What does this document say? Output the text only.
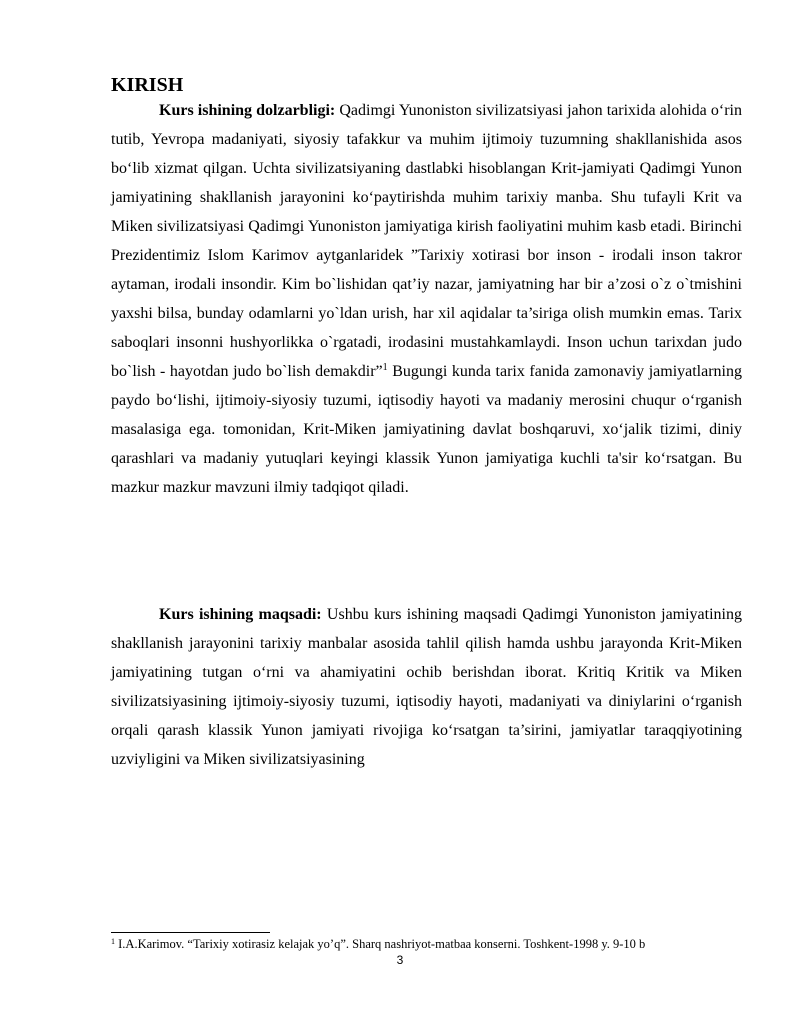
KIRISH

Kurs ishining dolzarbligi: Qadimgi Yunoniston sivilizatsiyasi jahon tarixida alohida o‘rin tutib, Yevropa madaniyati, siyosiy tafakkur va muhim ijtimoiy tuzumning shakllanishida asos bo‘lib xizmat qilgan. Uchta sivilizatsiyaning dastlabki hisoblangan Krit-jamiyati Qadimgi Yunon jamiyatining shakllanish jarayonini ko‘paytirishda muhim tarixiy manba. Shu tufayli Krit va Miken sivilizatsiyasi Qadimgi Yunoniston jamiyatiga kirish faoliyatini muhim kasb etadi. Birinchi Prezidentimiz Islom Karimov aytganlaridek ”Tarixiy xotirasi bor inson - irodali inson takror aytaman, irodali insondir. Kim bo`lishidan qat’iy nazar, jamiyatning har bir a’zosi o`z o`tmishini yaxshi bilsa, bunday odamlarni yo`ldan urish, har xil aqidalar ta’siriga olish mumkin emas. Tarix saboqlari insonni hushyorlikka o`rgatadi, irodasini mustahkamlaydi. Inson uchun tarixdan judo bo`lish - hayotdan judo bo`lish demakdir”$^1$ Bugungi kunda tarix fanida zamonaviy jamiyatlarning paydo bo‘lishi, ijtimoiy-siyosiy tuzumi, iqtisodiy hayoti va madaniy merosini chuqur o‘rganish masalasiga ega. tomonidan, Krit-Miken jamiyatining davlat boshqaruvi, xo‘jalik tizimi, diniy qarashlari va madaniy yutuqlari keyingi klassik Yunon jamiyatiga kuchli ta'sir ko‘rsatgan. Bu mazkur mazkur mavzuni ilmiy tadqiqot qiladi.

Kurs ishining maqsadi: Ushbu kurs ishining maqsadi Qadimgi Yunoniston jamiyatining shakllanish jarayonini tarixiy manbalar asosida tahlil qilish hamda ushbu jarayonda Krit-Miken jamiyatining tutgan o‘rni va ahamiyatini ochib berishdan iborat. Kritiq Kritik va Miken sivilizatsiyasining ijtimoiy-siyosiy tuzumi, iqtisodiy hayoti, madaniyati va diniylarini o‘rganish orqali qarash klassik Yunon jamiyati rivojiga ko‘rsatgan ta’sirini, jamiyatlar taraqqiyotining uzviyligini va Miken sivilizatsiyasining

$^1$ I.A.Karimov. “Tarixiy xotirasiz kelajak yo’q”. Sharq nashriyot-matbaa konserni. Toshkent-1998 y. 9-10 b

3
